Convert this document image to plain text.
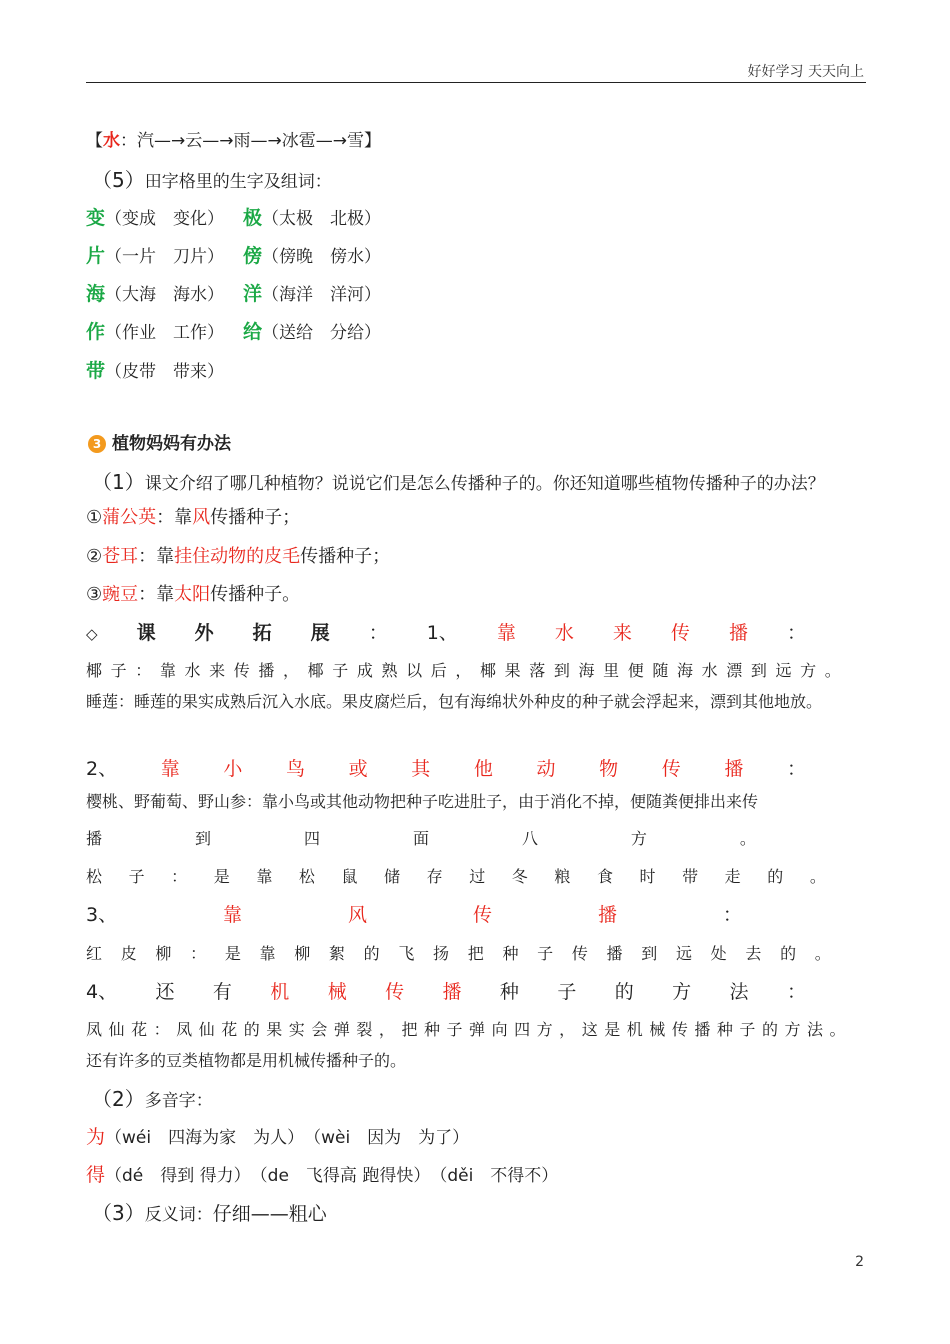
好好学习 天天向上
【水：汽—→云—→雨—→冰雹—→雪】
（5）田字格里的生字及组词：
变（变成　变化） 极（太极　北极）
片（一片　刀片） 傍（傍晚　傍水）
海（大海　海水） 洋（海洋　洋河）
作（作业　工作） 给（送给　分给）
带（皮带　带来）
3 植物妈妈有办法
（1）课文介绍了哪几种植物？说说它们是怎么传播种子的。你还知道哪些植物传播种子的办法？
①蒲公英：靠风传播种子；
②苍耳：靠挂住动物的皮毛传播种子；
③豌豆：靠太阳传播种子。
◇ 课 外 拓 展 ： 1、 靠 水 来 传 播 ：
椰 子 ： 靠 水 来 传 播 ， 椰 子 成 熟 以 后 ， 椰 果 落 到 海 里 便 随 海 水 漂 到 远 方 。
睡莲：睡莲的果实成熟后沉入水底。果皮腐烂后，包有海绵状外种皮的种子就会浮起来，漂到其他地放。
2、 靠 小 鸟 或 其 他 动 物 传 播 ：
樱桃、野葡萄、野山参：靠小鸟或其他动物把种子吃进肚子，由于消化不掉，便随粪便排出来传
播	到	四	面	八	方	。
松 子 ： 是 靠 松 鼠 储 存 过 冬 粮 食 时 带 走 的 。
3、	靠	风	传	播	：
红 皮 柳 ： 是 靠 柳 絮 的 飞 扬 把 种 子 传 播 到 远 处 去 的 。
4、 还 有 机 械 传 播 种 子 的 方 法 ：
凤 仙 花 ： 凤 仙 花 的 果 实 会 弹 裂 ， 把 种 子 弹 向 四 方 ， 这 是 机 械 传 播 种 子 的 方 法 。
还有许多的豆类植物都是用机械传播种子的。
（2）多音字：
为（wéi　四海为家　为人）　（wèi　因为　为了）
得（dé　得到 得力）　（de　飞得高 跑得快）　（děi　不得不）
（3）反义词：仔细——粗心
2
